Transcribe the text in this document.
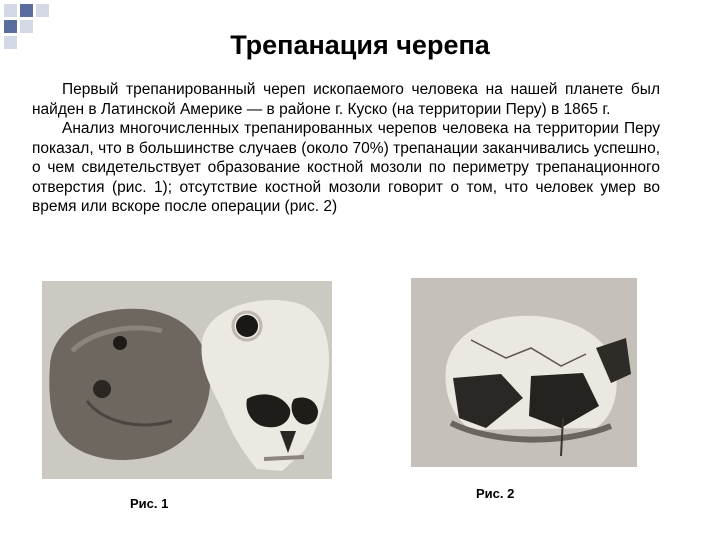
Трепанация черепа

Первый трепанированный череп ископаемого человека на нашей планете был найден в Латинской Америке — в районе г. Куско (на территории Перу) в 1865 г.

Анализ многочисленных трепанированных черепов человека на территории Перу показал, что в большинстве случаев (около 70%) трепанации заканчивались успешно, о чем свидетельствует образование костной мозоли по периметру трепанационного отверстия (рис. 1); отсутствие костной мозоли говорит о том, что человек умер во время или вскоре после операции (рис. 2)

Рис. 1
Рис. 2
